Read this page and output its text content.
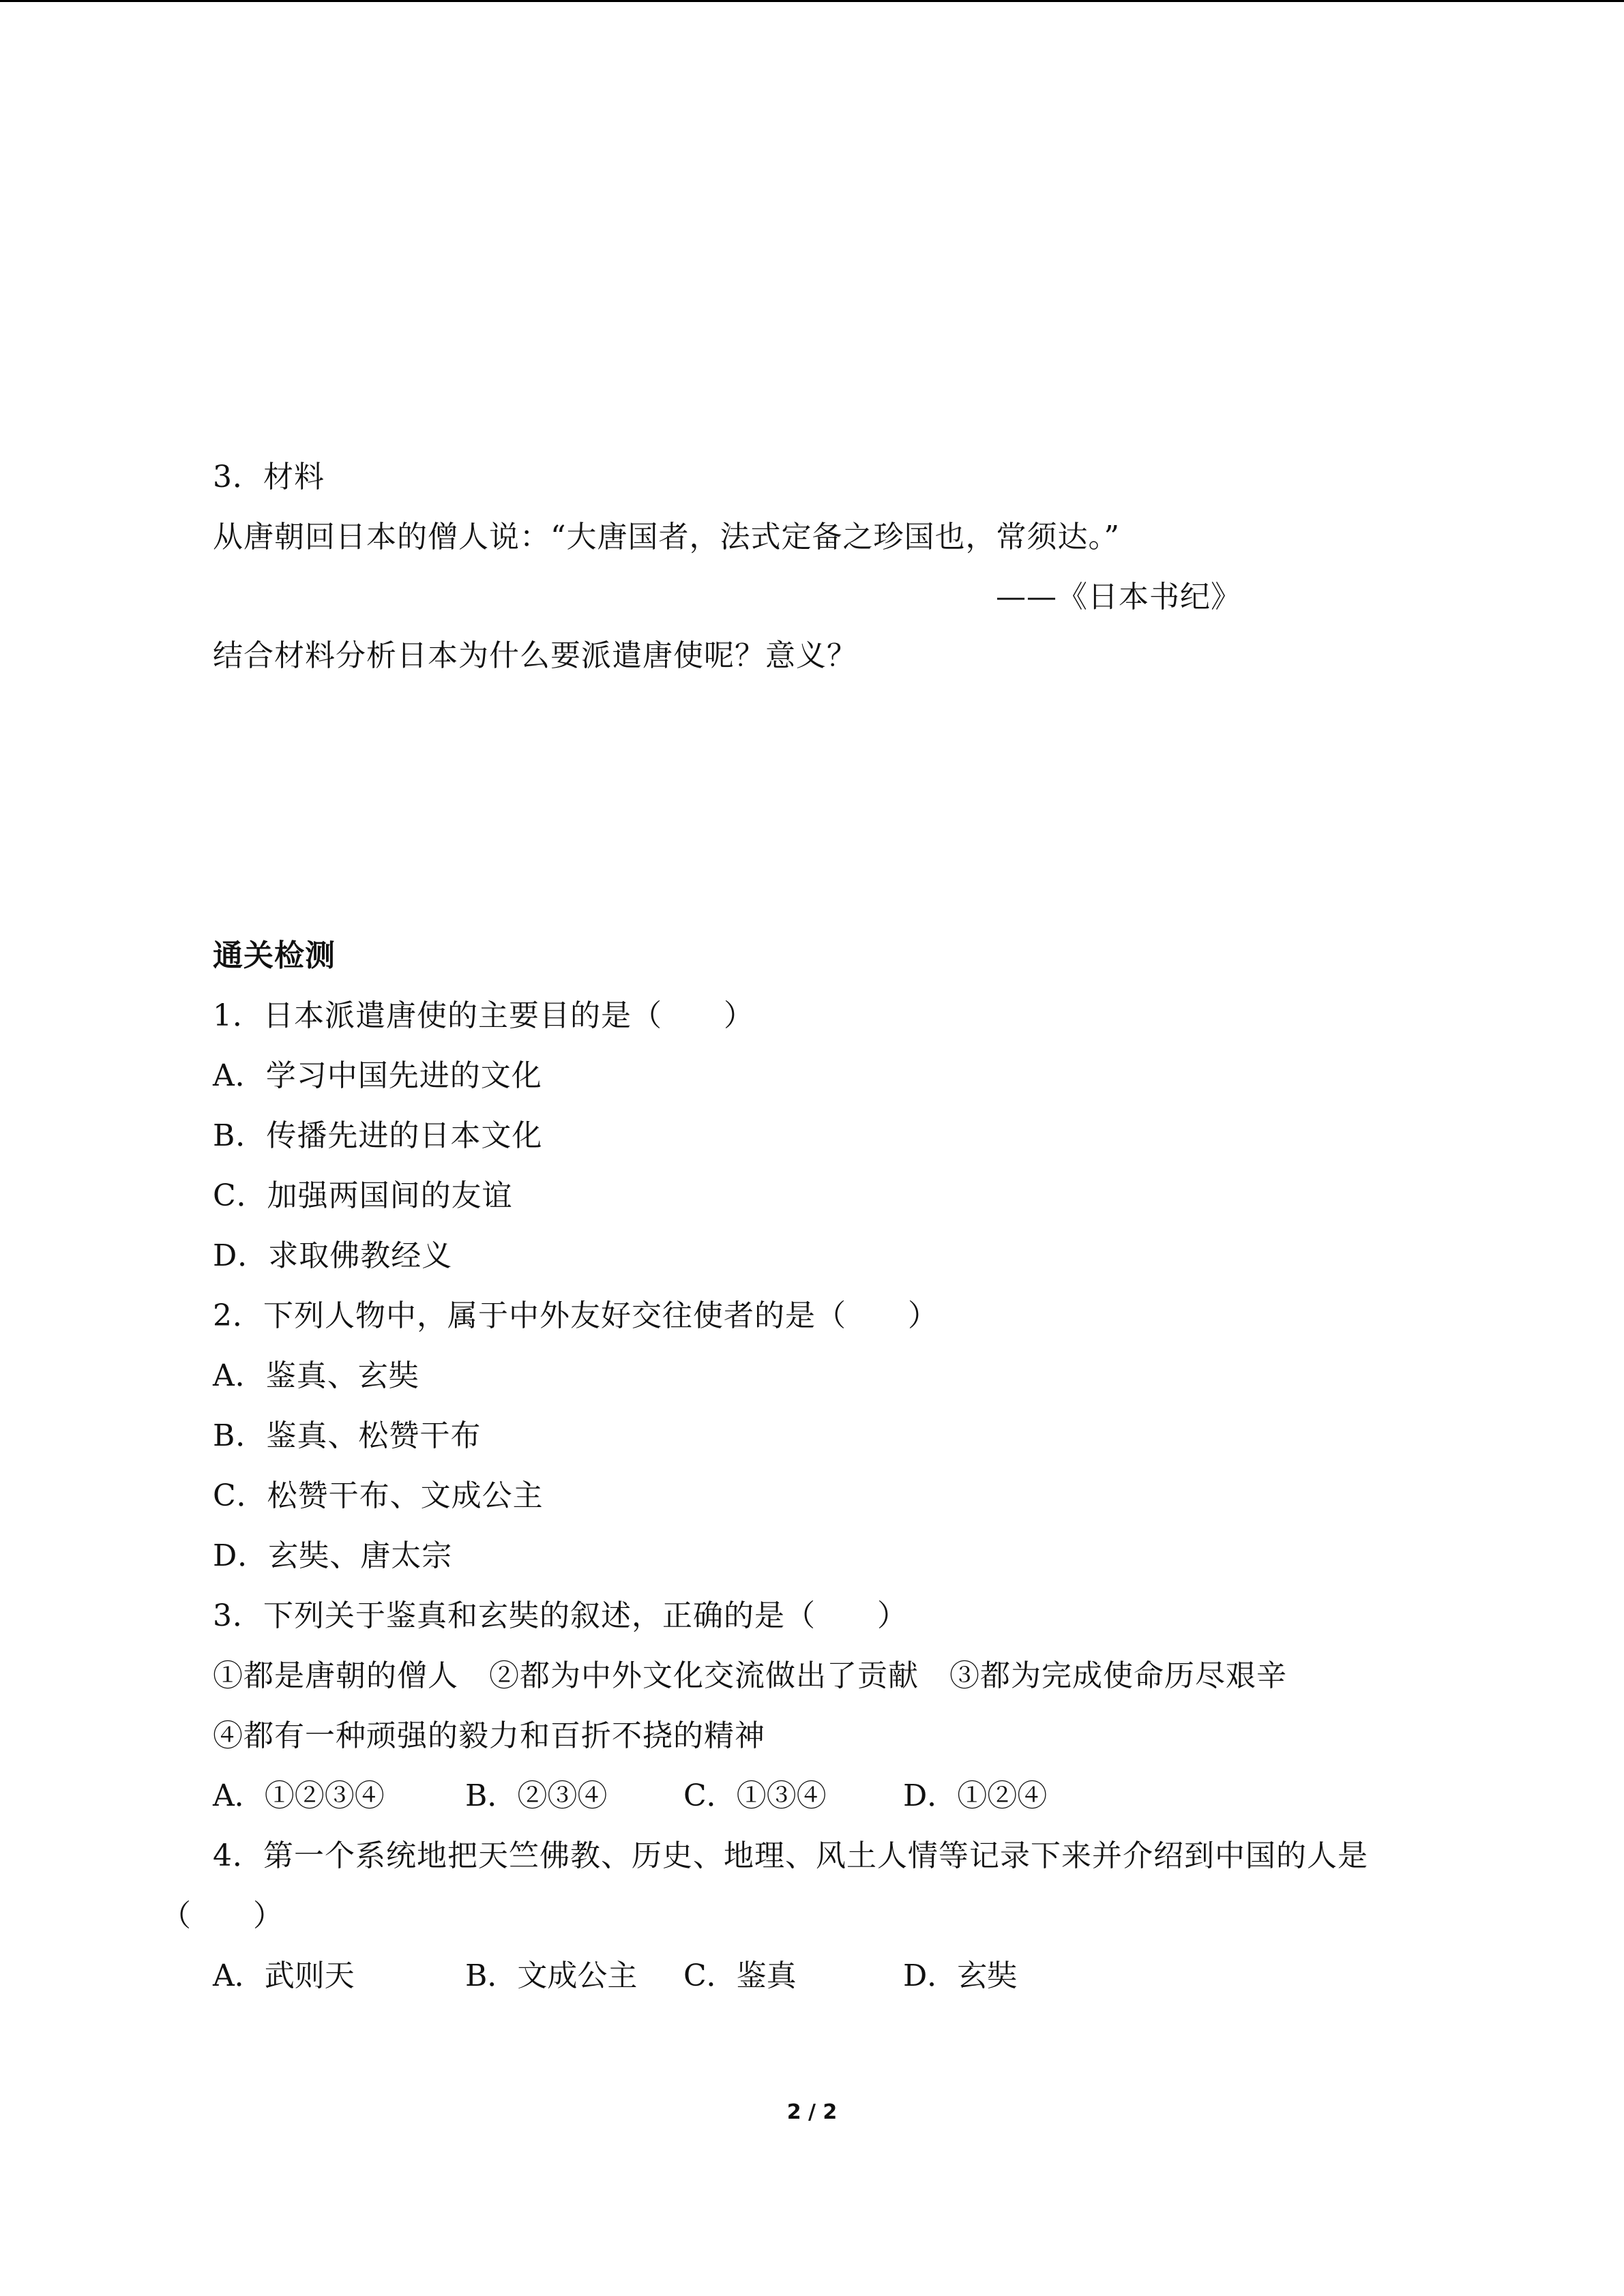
3．材料
从唐朝回日本的僧人说：“大唐国者，法式定备之珍国也，常须达。”
——《日本书纪》
结合材料分析日本为什么要派遣唐使呢？意义？
通关检测
1．日本派遣唐使的主要目的是（　　）
A．学习中国先进的文化
B．传播先进的日本文化
C．加强两国间的友谊
D．求取佛教经义
2．下列人物中，属于中外友好交往使者的是（　　）
A．鉴真、玄奘
B．鉴真、松赞干布
C．松赞干布、文成公主
D．玄奘、唐太宗
3．下列关于鉴真和玄奘的叙述，正确的是（　　）
①都是唐朝的僧人　②都为中外文化交流做出了贡献　③都为完成使命历尽艰辛
④都有一种顽强的毅力和百折不挠的精神
A．①②③④	B．②③④	C．①③④	D．①②④
4．第一个系统地把天竺佛教、历史、地理、风土人情等记录下来并介绍到中国的人是
（　　）
A．武则天	B．文成公主 C．鉴真	D．玄奘
2 / 2
